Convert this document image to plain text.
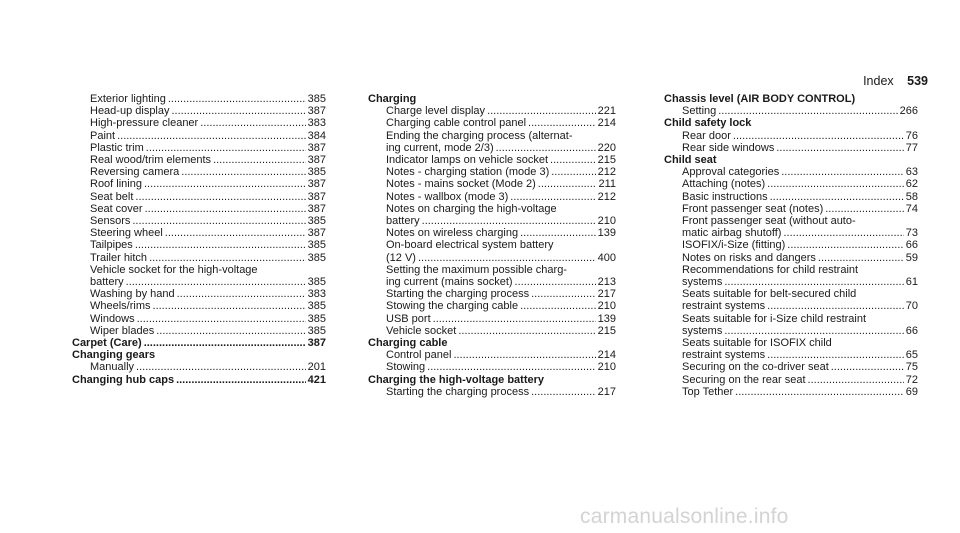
Index 539
Exterior lighting .....	385
Head-up display .....	387
High-pressure cleaner .....	383
Paint .....	384
Plastic trim .....	387
Real wood/trim elements .....	387
Reversing camera .....	385
Roof lining .....	387
Seat belt .....	387
Seat cover .....	387
Sensors .....	385
Steering wheel .....	387
Tailpipes .....	385
Trailer hitch .....	385
Vehicle socket for the high-voltage
battery .....	385
Washing by hand .....	383
Wheels/rims .....	385
Windows .....	385
Wiper blades .....	385
Carpet (Care) .....	387
Changing gears
Manually .....	201
Changing hub caps .....	421
Charging
Charge level display .....	221
Charging cable control panel .....	214
Ending the charging process (alternat-
ing current, mode 2/3) .....	220
Indicator lamps on vehicle socket .....	215
Notes - charging station (mode 3) .....	212
Notes - mains socket (Mode 2) .....	211
Notes - wallbox (mode 3) .....	212
Notes on charging the high-voltage
battery .....	210
Notes on wireless charging .....	139
On-board electrical system battery
(12 V) .....	400
Setting the maximum possible charg-
ing current (mains socket) .....	213
Starting the charging process .....	217
Stowing the charging cable .....	210
USB port .....	139
Vehicle socket .....	215
Charging cable
Control panel .....	214
Stowing .....	210
Charging the high-voltage battery
Starting the charging process .....	217
Chassis level (AIR BODY CONTROL)
Setting .....	266
Child safety lock
Rear door .....	76
Rear side windows .....	77
Child seat
Approval categories .....	63
Attaching (notes) .....	62
Basic instructions .....	58
Front passenger seat (notes) .....	74
Front passenger seat (without auto-
matic airbag shutoff) .....	73
ISOFIX/i-Size (fitting) .....	66
Notes on risks and dangers .....	59
Recommendations for child restraint
systems .....	61
Seats suitable for belt-secured child
restraint systems .....	70
Seats suitable for i-Size child restraint
systems .....	66
Seats suitable for ISOFIX child
restraint systems .....	65
Securing on the co-driver seat .....	75
Securing on the rear seat .....	72
Top Tether .....	69
carmanualsonline.info
